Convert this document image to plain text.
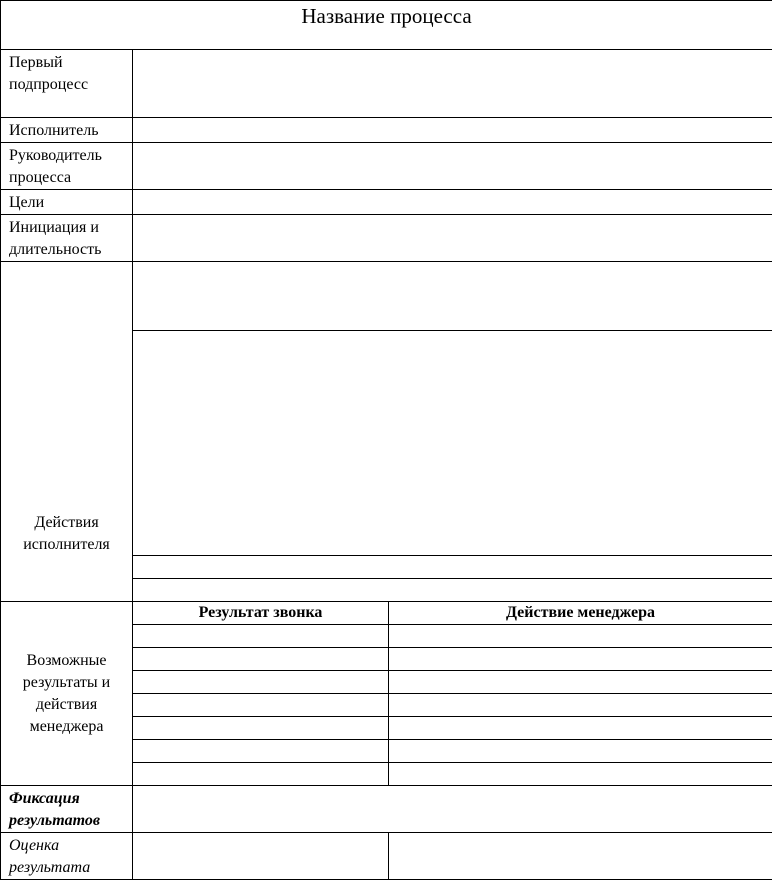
Название процесса		
Первый подпроцесс		
Исполнитель		
Руководитель процесса		
Цели		
Инициация и длительность		
Действия исполнителя		

Возможные результаты и действия менеджера	Результат звонка	Действие менеджера

Фиксация результатов		
Оценка результата		
